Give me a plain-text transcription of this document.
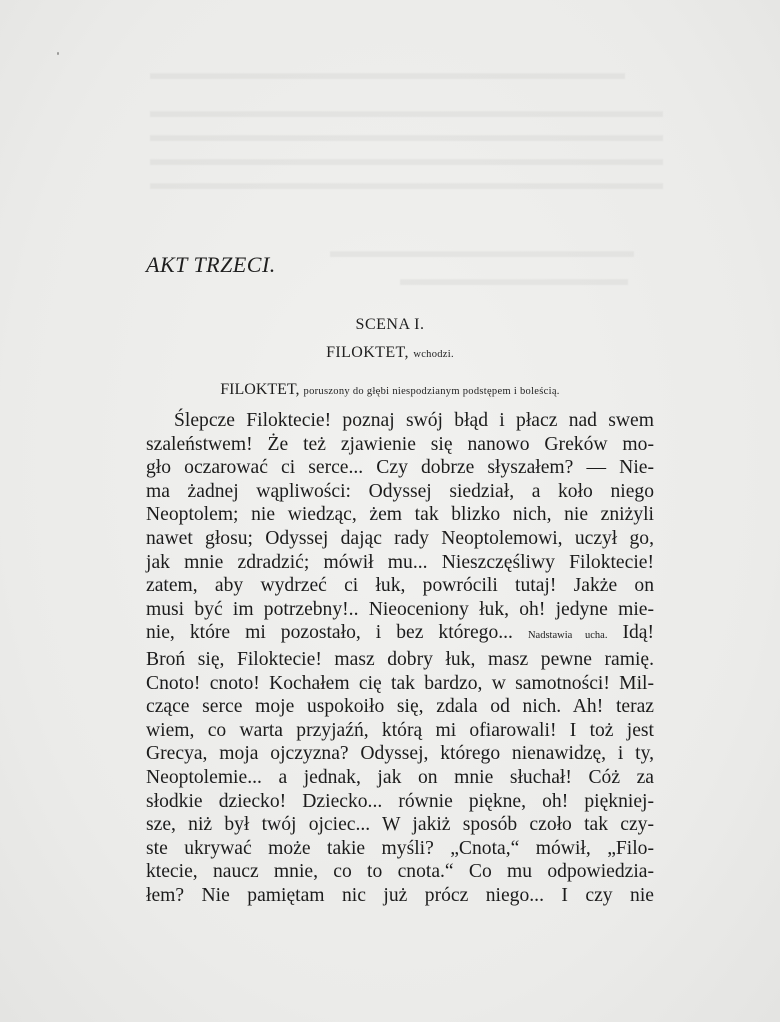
▬▬▬▬▬▬▬▬▬▬▬▬▬▬▬▬▬▬▬▬▬▬▬▬▬
▬▬▬▬▬▬▬▬▬▬▬▬▬▬▬▬▬▬▬▬▬▬▬▬▬▬▬
▬▬▬▬▬▬▬▬▬▬▬▬▬▬▬▬▬▬▬▬▬▬▬▬▬▬▬
▬▬▬▬▬▬▬▬▬▬▬▬▬▬▬▬▬▬▬▬▬▬▬▬▬▬▬
▬▬▬▬▬▬▬▬▬▬▬▬▬▬▬▬▬▬▬▬▬▬▬▬▬▬▬
▬▬▬▬▬▬▬▬▬▬▬▬▬▬▬▬
▬▬▬▬▬▬▬▬▬▬▬▬
AKT TRZECI.
SCENA I.
FILOKTET, wchodzi.
FILOKTET, poruszony do głębi niespodzianym podstępem i boleścią.
Ślepcze Filoktecie! poznaj swój błąd i płacz nad swem
szaleństwem! Że też zjawienie się nanowo Greków mo-
gło oczarować ci serce... Czy dobrze słyszałem? — Nie-
ma żadnej wąpliwości: Odyssej siedział, a koło niego
Neoptolem; nie wiedząc, żem tak blizko nich, nie zniżyli
nawet głosu; Odyssej dając rady Neoptolemowi, uczył go,
jak mnie zdradzić; mówił mu... Nieszczęśliwy Filoktecie!
zatem, aby wydrzeć ci łuk, powrócili tutaj! Jakże on
musi być im potrzebny!.. Nieoceniony łuk, oh! jedyne mie-
nie, które mi pozostało, i bez którego... Nadstawia ucha. Idą!
Broń się, Filoktecie! masz dobry łuk, masz pewne ramię.
Cnoto! cnoto! Kochałem cię tak bardzo, w samotności! Mil-
czące serce moje uspokoiło się, zdala od nich. Ah! teraz
wiem, co warta przyjaźń, którą mi ofiarowali! I toż jest
Grecya, moja ojczyzna? Odyssej, którego nienawidzę, i ty,
Neoptolemie... a jednak, jak on mnie słuchał! Cóż za
słodkie dziecko! Dziecko... równie piękne, oh! piękniej-
sze, niż był twój ojciec... W jakiż sposób czoło tak czy-
ste ukrywać może takie myśli? „Cnota,“ mówił, „Filo-
ktecie, naucz mnie, co to cnota.“ Co mu odpowiedzia-
łem? Nie pamiętam nic już prócz niego... I czy nie
